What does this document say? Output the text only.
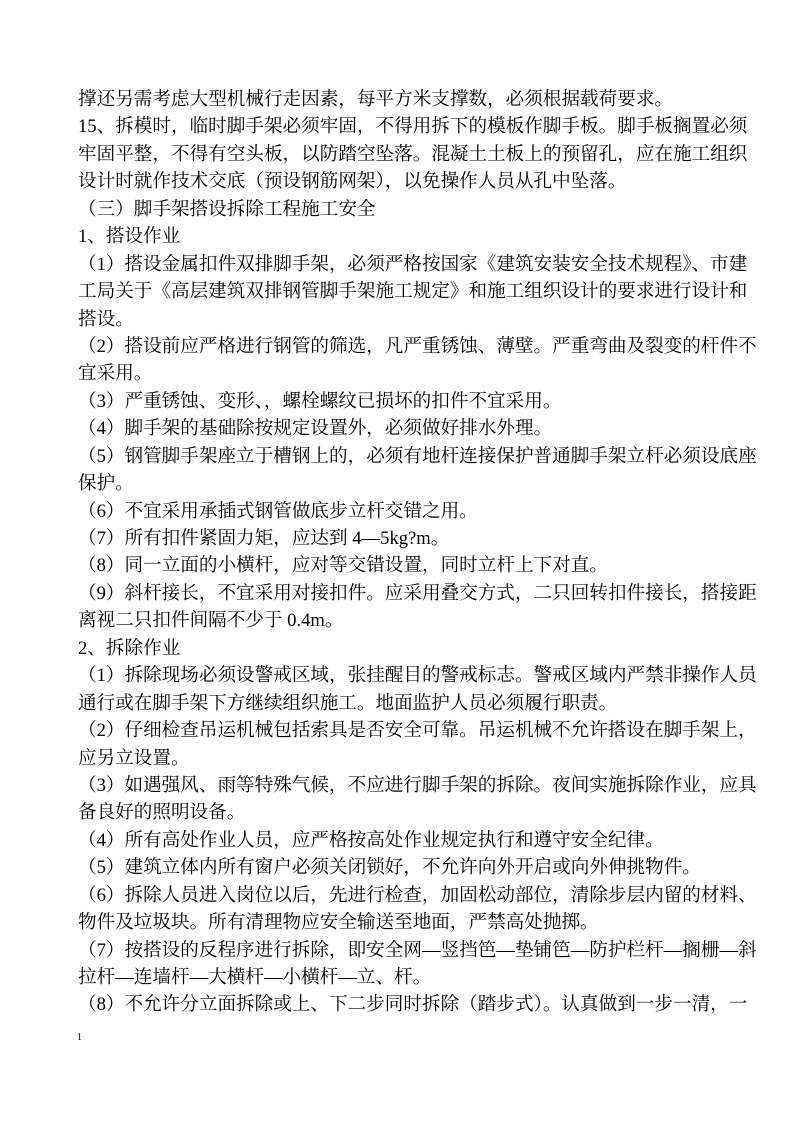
撑还另需考虑大型机械行走因素，每平方米支撑数，必须根据载荷要求。
15、拆模时，临时脚手架必须牢固，不得用拆下的模板作脚手板。脚手板搁置必须
牢固平整，不得有空头板，以防踏空坠落。混凝土土板上的预留孔，应在施工组织
设计时就作技术交底（预设钢筋网架），以免操作人员从孔中坠落。
（三）脚手架搭设拆除工程施工安全
1、搭设作业
（1）搭设金属扣件双排脚手架，必须严格按国家《建筑安装安全技术规程》、市建
工局关于《高层建筑双排钢管脚手架施工规定》和施工组织设计的要求进行设计和
搭设。
（2）搭设前应严格进行钢管的筛选，凡严重锈蚀、薄壁。严重弯曲及裂变的杆件不
宜采用。
（3）严重锈蚀、变形、，螺栓螺纹已损坏的扣件不宜采用。
（4）脚手架的基础除按规定设置外，必须做好排水外理。
（5）钢管脚手架座立于槽钢上的，必须有地杆连接保护普通脚手架立杆必须设底座
保护。
（6）不宜采用承插式钢管做底步立杆交错之用。
（7）所有扣件紧固力矩，应达到 4—5kg?m。
（8）同一立面的小横杆，应对等交错设置，同时立杆上下对直。
（9）斜杆接长，不宜采用对接扣件。应采用叠交方式，二只回转扣件接长，搭接距
离视二只扣件间隔不少于 0.4m。
2、拆除作业
（1）拆除现场必须设警戒区域，张挂醒目的警戒标志。警戒区域内严禁非操作人员
通行或在脚手架下方继续组织施工。地面监护人员必须履行职责。
（2）仔细检查吊运机械包括索具是否安全可靠。吊运机械不允许搭设在脚手架上，
应另立设置。
（3）如遇强风、雨等特殊气候，不应进行脚手架的拆除。夜间实施拆除作业，应具
备良好的照明设备。
（4）所有高处作业人员，应严格按高处作业规定执行和遵守安全纪律。
（5）建筑立体内所有窗户必须关闭锁好，不允许向外开启或向外伸挑物件。
（6）拆除人员进入岗位以后，先进行检查，加固松动部位，清除步层内留的材料、
物件及垃圾块。所有清理物应安全输送至地面，严禁高处抛掷。
（7）按搭设的反程序进行拆除，即安全网—竖挡笆—垫铺笆—防护栏杆—搁栅—斜
拉杆—连墙杆—大横杆—小横杆—立、杆。
（8）不允许分立面拆除或上、下二步同时拆除（踏步式）。认真做到一步一清，一
1
